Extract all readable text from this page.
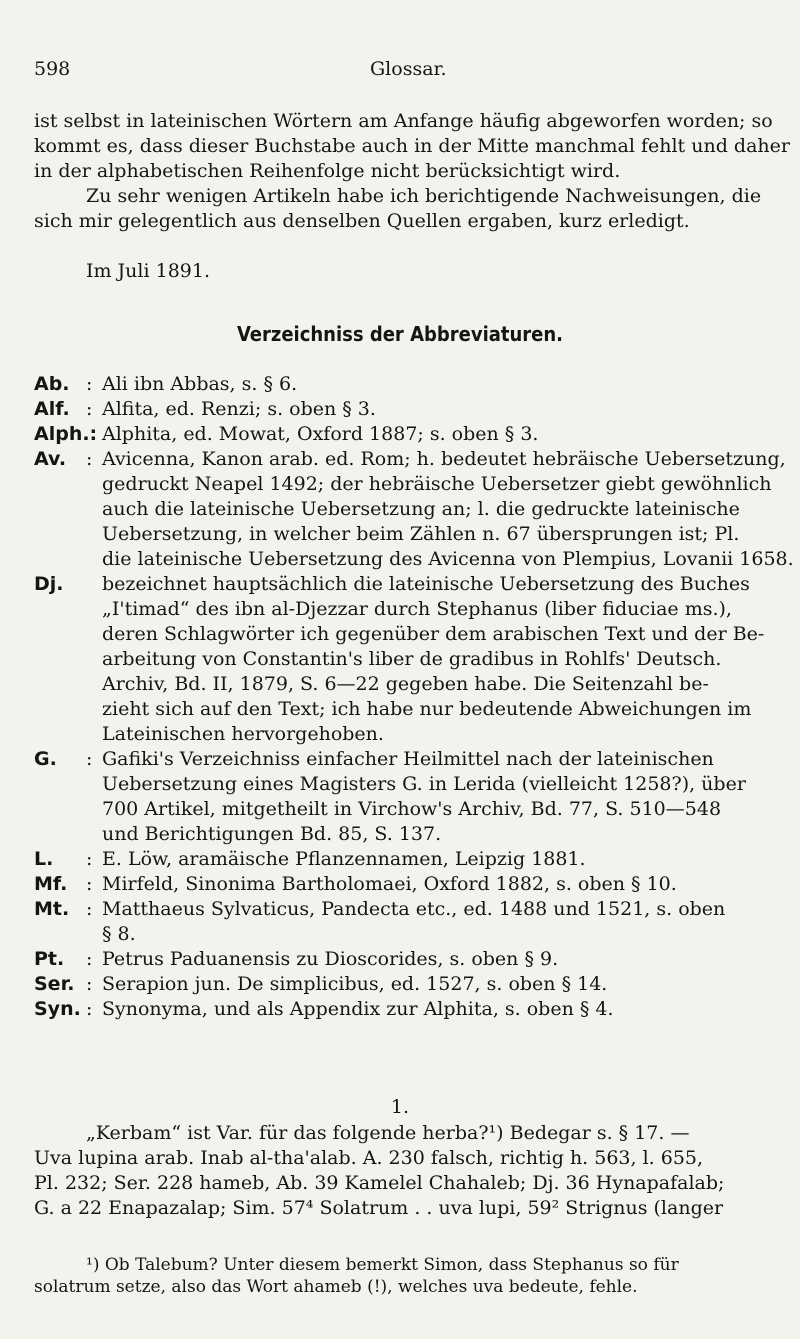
598	Glossar.
ist selbst in lateinischen Wörtern am Anfange häufig abgeworfen worden; so
kommt es, dass dieser Buchstabe auch in der Mitte manchmal fehlt und daher
in der alphabetischen Reihenfolge nicht berücksichtigt wird.
Zu sehr wenigen Artikeln habe ich berichtigende Nachweisungen, die
sich mir gelegentlich aus denselben Quellen ergaben, kurz erledigt.
Im Juli 1891.
Verzeichniss der Abbreviaturen.
Ab. : Ali ibn Abbas, s. § 6.
Alf. : Alfita, ed. Renzi; s. oben § 3.
Alph.: Alphita, ed. Mowat, Oxford 1887; s. oben § 3.
Av.	: Avicenna, Kanon arab. ed. Rom; h. bedeutet hebräische Uebersetzung,
gedruckt Neapel 1492; der hebräische Uebersetzer giebt gewöhnlich
auch die lateinische Uebersetzung an; l. die gedruckte lateinische
Uebersetzung, in welcher beim Zählen n. 67 übersprungen ist; Pl.
die lateinische Uebersetzung des Avicenna von Plempius, Lovanii 1658.
Dj.	bezeichnet hauptsächlich die lateinische Uebersetzung des Buches
„I'timad“ des ibn al-Djezzar durch Stephanus (liber fiduciae ms.),
deren Schlagwörter ich gegenüber dem arabischen Text und der Be-
arbeitung von Constantin's liber de gradibus in Rohlfs' Deutsch.
Archiv, Bd. II, 1879, S. 6—22 gegeben habe. Die Seitenzahl be-
zieht sich auf den Text; ich habe nur bedeutende Abweichungen im
Lateinischen hervorgehoben.
G.	: Gafiki's Verzeichniss einfacher Heilmittel nach der lateinischen
Uebersetzung eines Magisters G. in Lerida (vielleicht 1258?), über
700 Artikel, mitgetheilt in Virchow's Archiv, Bd. 77, S. 510—548
und Berichtigungen Bd. 85, S. 137.
L.	: E. Löw, aramäische Pflanzennamen, Leipzig 1881.
Mf. : Mirfeld, Sinonima Bartholomaei, Oxford 1882, s. oben § 10.
Mt. : Matthaeus Sylvaticus, Pandecta etc., ed. 1488 und 1521, s. oben
§ 8.
Pt.	: Petrus Paduanensis zu Dioscorides, s. oben § 9.
Ser. : Serapion jun. De simplicibus, ed. 1527, s. oben § 14.
Syn. : Synonyma, und als Appendix zur Alphita, s. oben § 4.
1.
„Kerbam“ ist Var. für das folgende herba?¹) Bedegar s. § 17. —
Uva lupina arab. Inab al-tha'alab. A. 230 falsch, richtig h. 563, l. 655,
Pl. 232; Ser. 228 hameb, Ab. 39 Kamelel Chahaleb; Dj. 36 Hynapafalab;
G. a 22 Enapazalap; Sim. 57⁴ Solatrum . . uva lupi, 59² Strignus (langer
¹) Ob Talebum? Unter diesem bemerkt Simon, dass Stephanus so für
solatrum setze, also das Wort ahameb (!), welches uva bedeute, fehle.
